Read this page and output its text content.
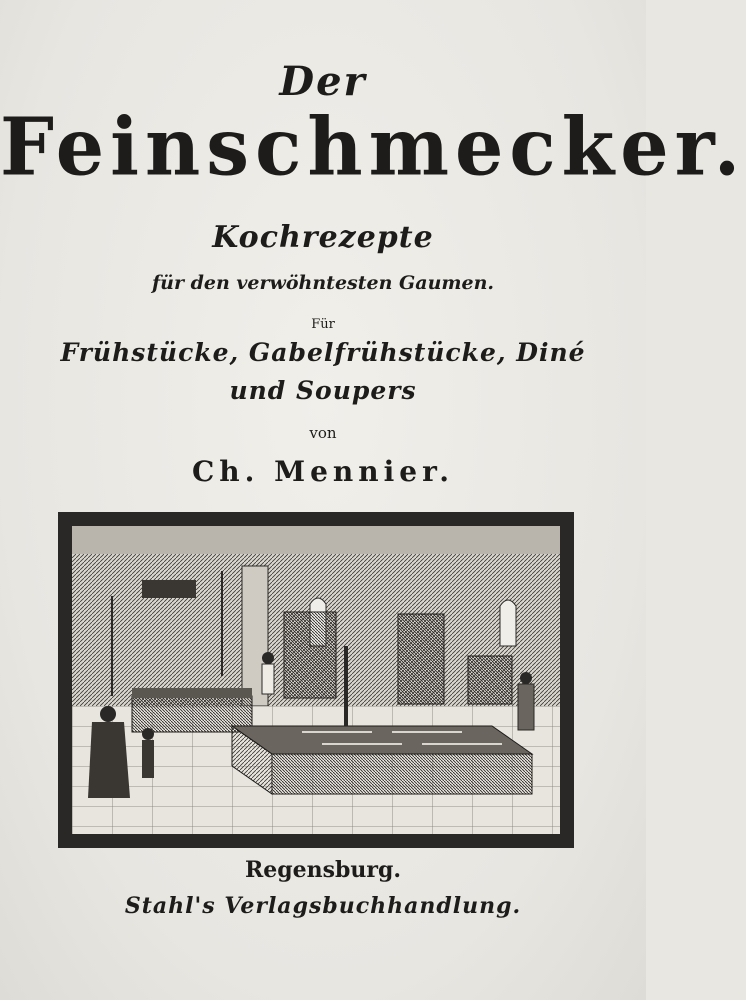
Der
Feinschmecker.
Kochrezepte
für den verwöhntesten Gaumen.
Für
Frühstücke, Gabelfrühstücke, Diné
und Soupers
von
Ch. Mennier.
Regensburg.
Stahl's Verlagsbuchhandlung.
